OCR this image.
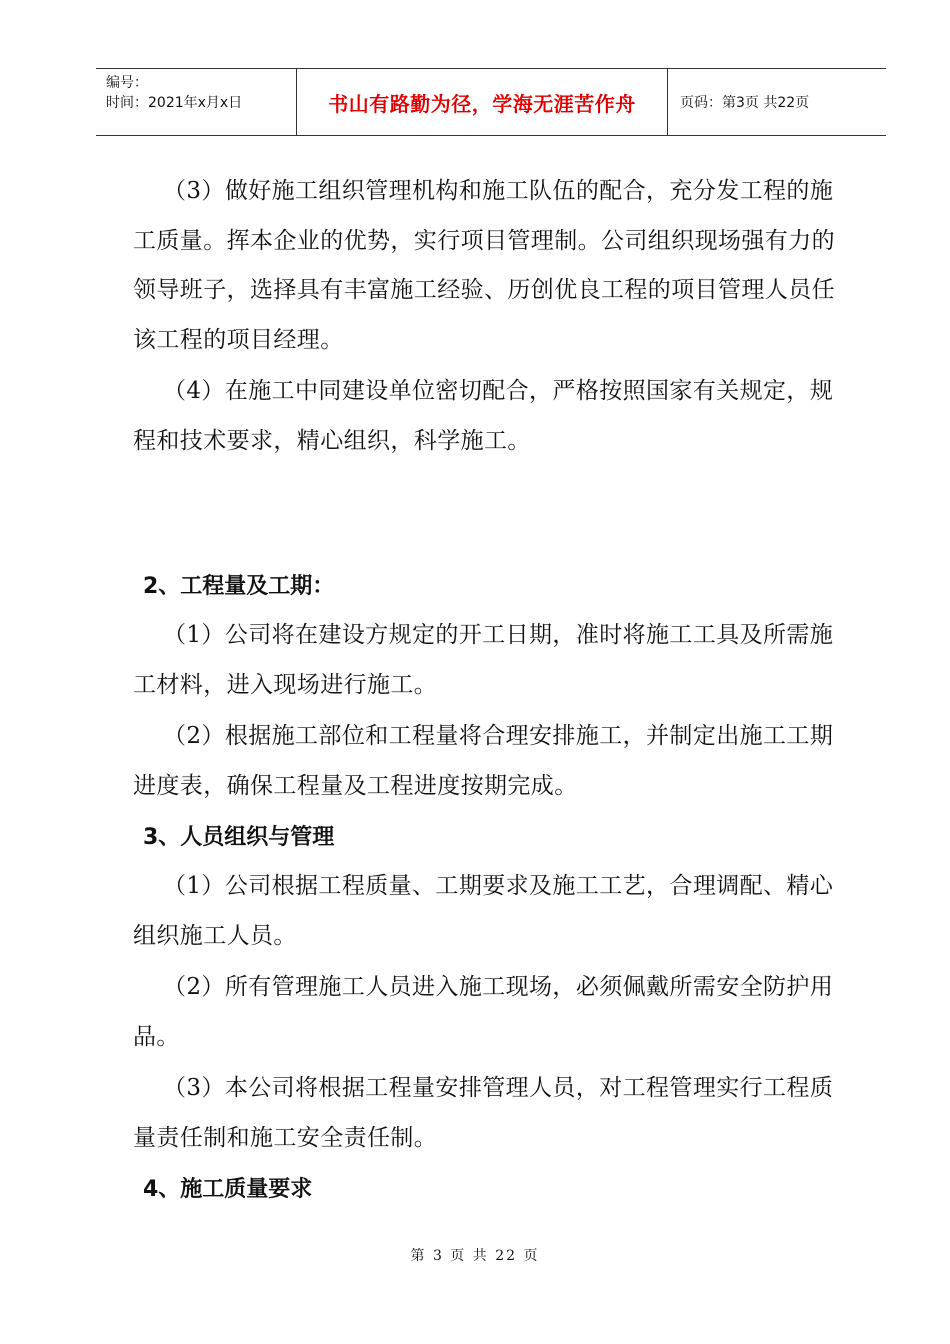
编号：
时间：2021年x月x日	书山有路勤为径，学海无涯苦作舟	页码：第3页 共22页

（3）做好施工组织管理机构和施工队伍的配合，充分发工程的施工质量。挥本企业的优势，实行项目管理制。公司组织现场强有力的领导班子，选择具有丰富施工经验、历创优良工程的项目管理人员任该工程的项目经理。

（4）在施工中同建设单位密切配合，严格按照国家有关规定，规程和技术要求，精心组织，科学施工。

2、工程量及工期：

（1）公司将在建设方规定的开工日期，准时将施工工具及所需施工材料，进入现场进行施工。

（2）根据施工部位和工程量将合理安排施工，并制定出施工工期进度表，确保工程量及工程进度按期完成。

3、人员组织与管理

（1）公司根据工程质量、工期要求及施工工艺，合理调配、精心组织施工人员。

（2）所有管理施工人员进入施工现场，必须佩戴所需安全防护用品。

（3）本公司将根据工程量安排管理人员，对工程管理实行工程质量责任制和施工安全责任制。

4、施工质量要求
第 3 页 共 22 页
